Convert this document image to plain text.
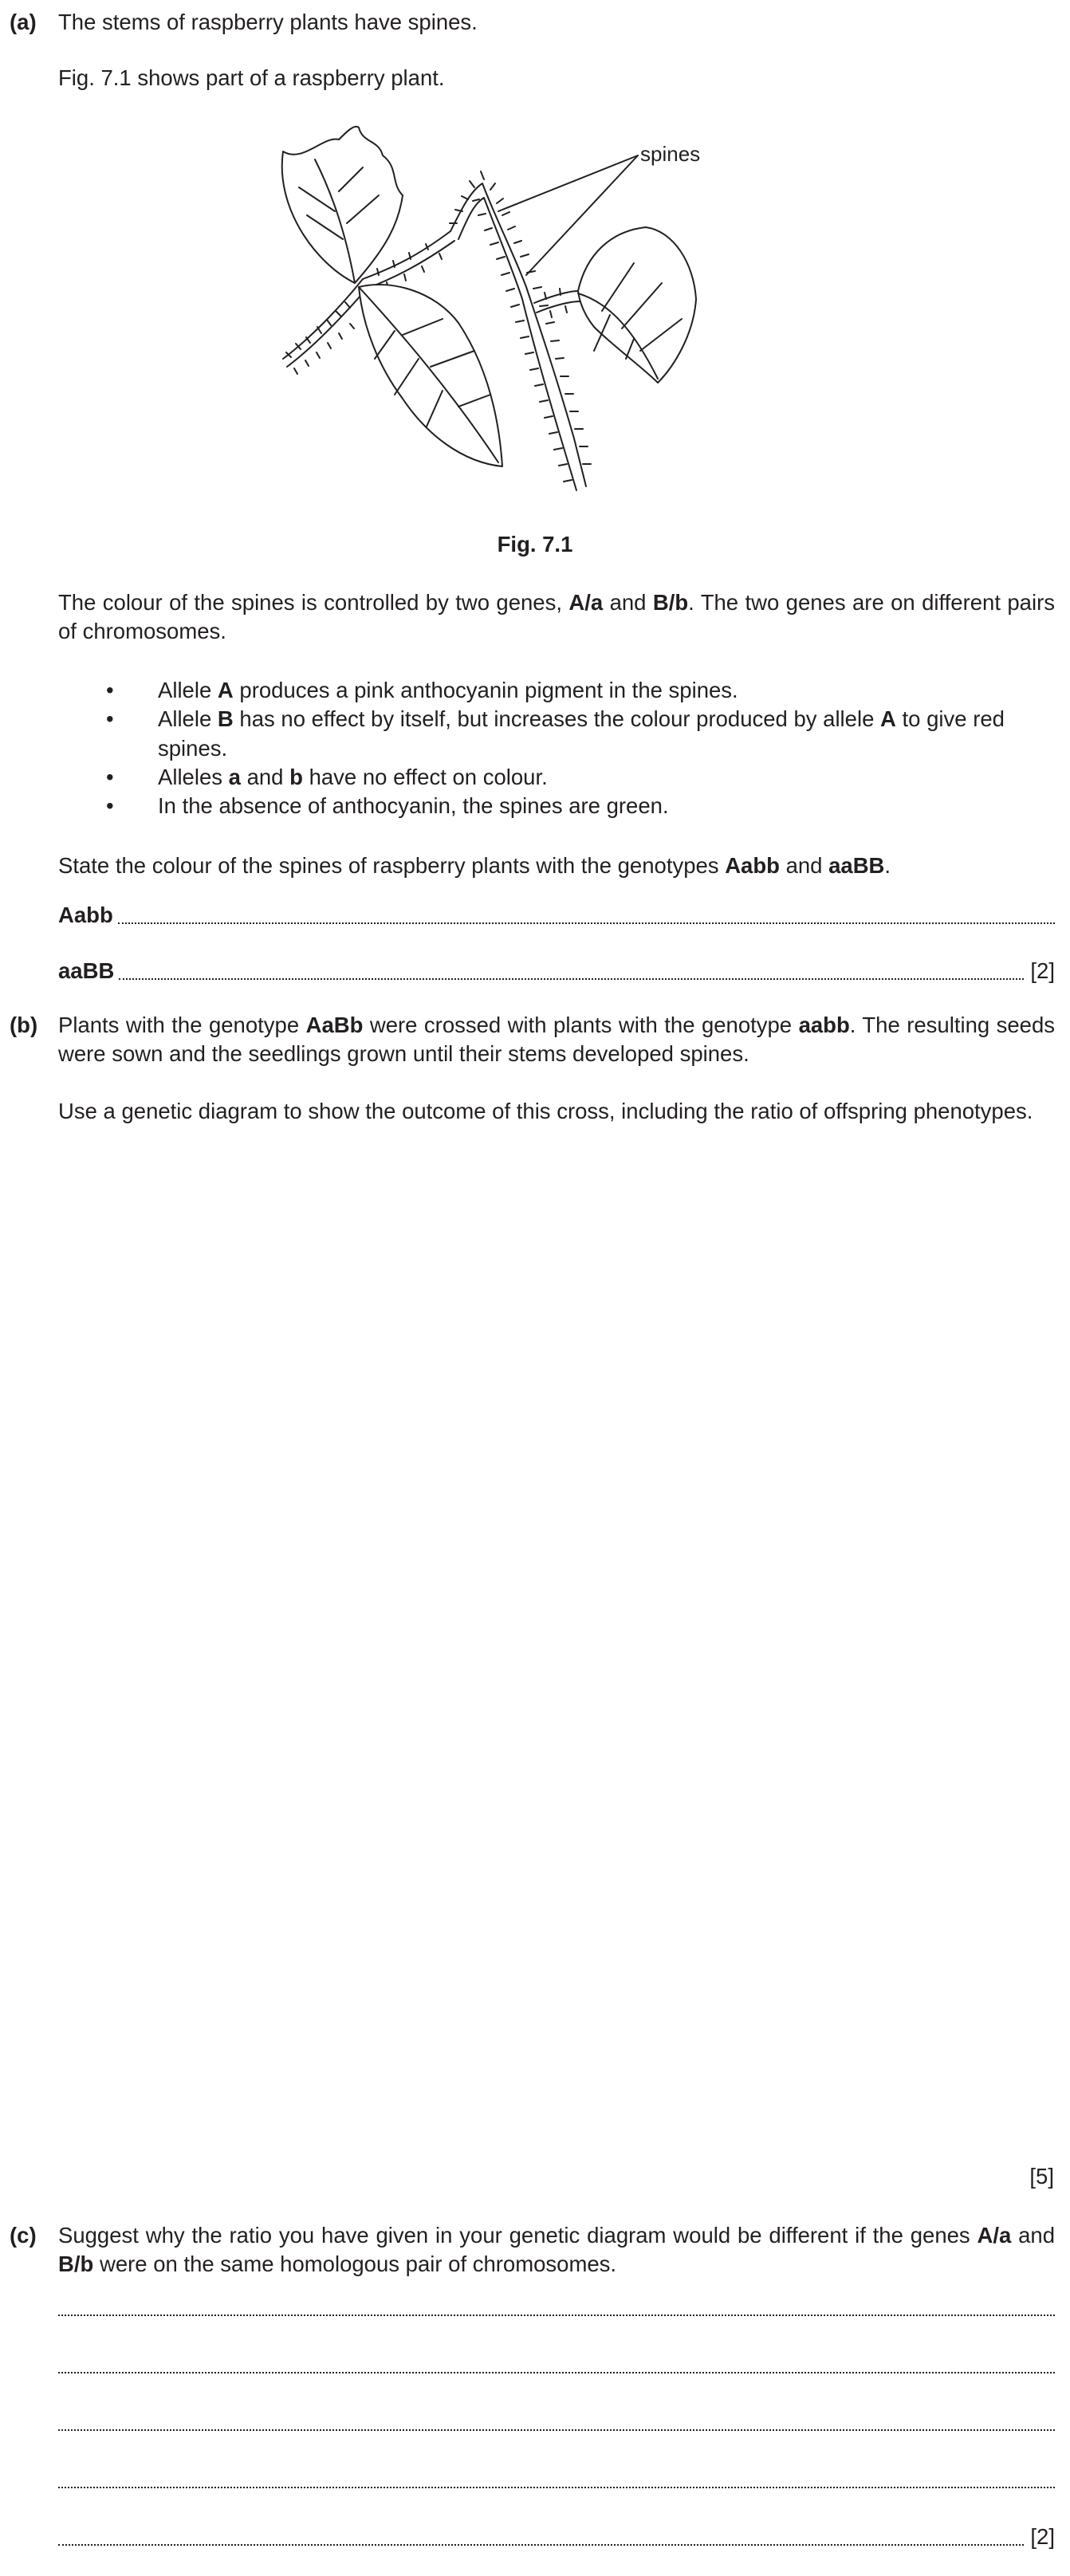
(a) The stems of raspberry plants have spines.
Fig. 7.1 shows part of a raspberry plant.
spines
Fig. 7.1
The colour of the spines is controlled by two genes, A/a and B/b. The two genes are on different pairs of chromosomes.
• Allele A produces a pink anthocyanin pigment in the spines.
• Allele B has no effect by itself, but increases the colour produced by allele A to give red spines.
• Alleles a and b have no effect on colour.
• In the absence of anthocyanin, the spines are green.
State the colour of the spines of raspberry plants with the genotypes Aabb and aaBB.
Aabb
aaBB	[2]
(b) Plants with the genotype AaBb were crossed with plants with the genotype aabb. The resulting seeds were sown and the seedlings grown until their stems developed spines.
Use a genetic diagram to show the outcome of this cross, including the ratio of offspring phenotypes.
[5]
(c) Suggest why the ratio you have given in your genetic diagram would be different if the genes A/a and B/b were on the same homologous pair of chromosomes.
[2]
